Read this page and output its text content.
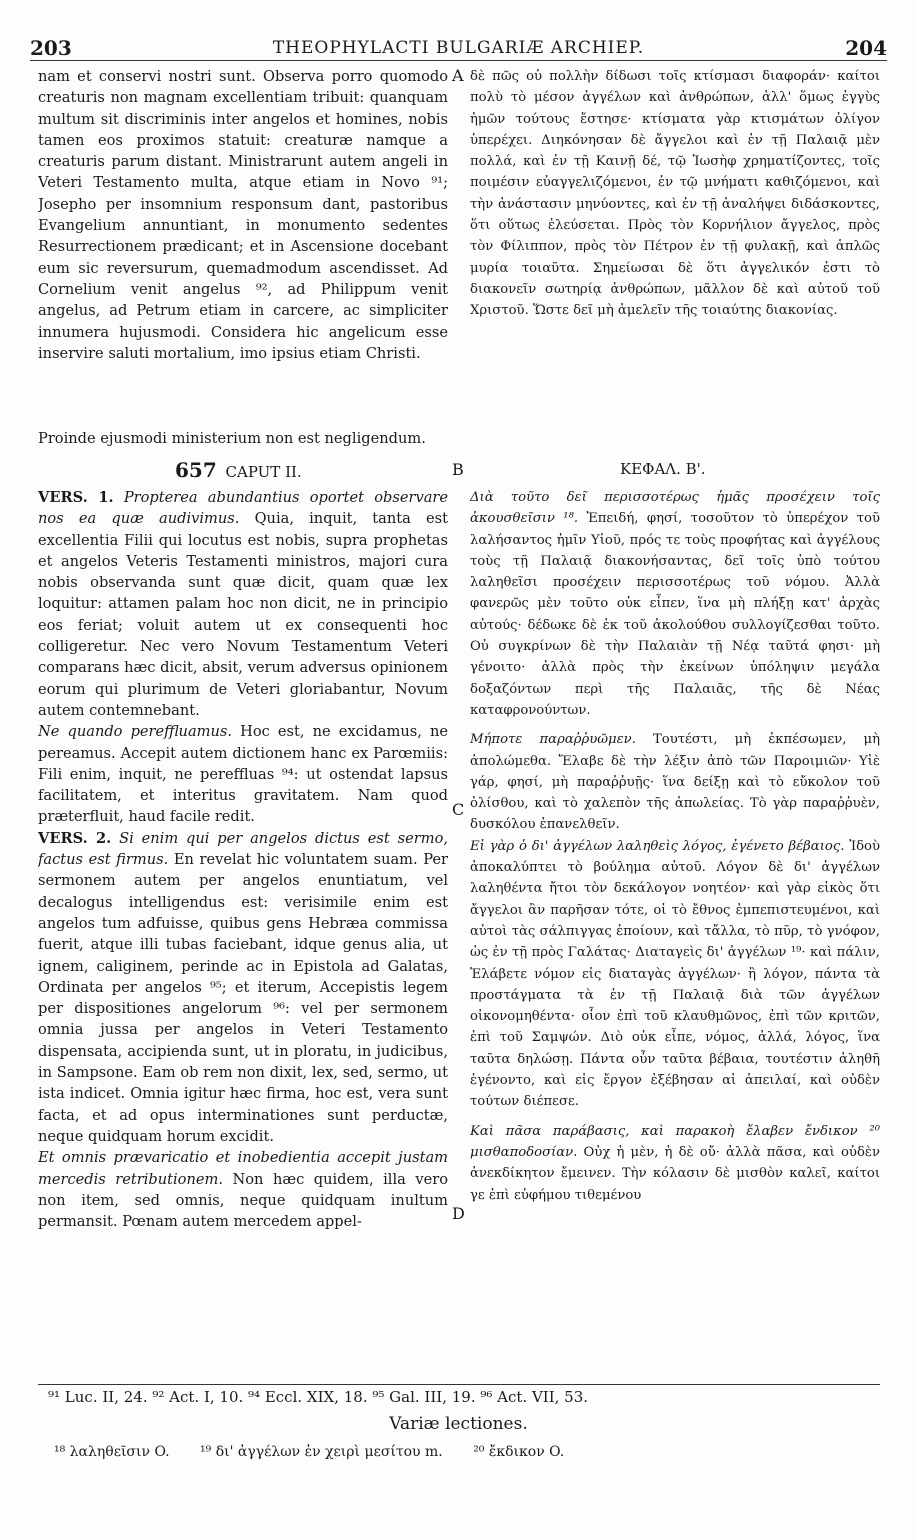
203	THEOPHYLACTI BULGARIÆ ARCHIEP.	204

nam et conservi nostri sunt. Observa porro quomodo creaturis non magnam excellentiam tribuit: quanquam multum sit discriminis inter angelos et homines, nobis tamen eos proximos statuit: creaturæ namque a creaturis parum distant. Ministrarunt autem angeli in Veteri Testamento multa, atque etiam in Novo ⁹¹; Josepho per insomnium responsum dant, pastoribus Evangelium annuntiant, in monumento sedentes Resurrectionem prædicant; et in Ascensione docebant eum sic reversurum, quemadmodum ascendisset. Ad Cornelium venit angelus ⁹², ad Philippum venit angelus, ad Petrum etiam in carcere, ac simpliciter innumera hujusmodi. Considera hic angelicum esse inservire saluti mortalium, imo ipsius etiam Christi.

A δὲ πῶς οὐ πολλὴν δίδωσι τοῖς κτίσμασι διαφοράν· καίτοι πολὺ τὸ μέσον ἀγγέλων καὶ ἀνθρώπων, ἀλλ' ὅμως ἐγγὺς ἡμῶν τούτους ἔστησε· κτίσματα γὰρ κτισμάτων ὀλίγον ὑπερέχει. Διηκόνησαν δὲ ἄγγελοι καὶ ἐν τῇ Παλαιᾷ μὲν πολλά, καὶ ἐν τῇ Καινῇ δέ, τῷ Ἰωσὴφ χρηματίζοντες, τοῖς ποιμέσιν εὐαγγελιζόμενοι, ἐν τῷ μνήματι καθιζόμενοι, καὶ τὴν ἀνάστασιν μηνύοντες, καὶ ἐν τῇ ἀναλήψει διδάσκοντες, ὅτι οὕτως ἐλεύσεται. Πρὸς τὸν Κορνήλιον ἄγγελος, πρὸς τὸν Φίλιππον, πρὸς τὸν Πέτρον ἐν τῇ φυλακῇ, καὶ ἁπλῶς μυρία τοιαῦτα. Σημείωσαι δὲ ὅτι ἀγγελικόν ἐστι τὸ διακονεῖν σωτηρίᾳ ἀνθρώπων, μᾶλλον δὲ καὶ αὐτοῦ τοῦ Χριστοῦ. Ὥστε δεῖ μὴ ἀμελεῖν τῆς τοιαύτης διακονίας.

Proinde ejusmodi ministerium non est negligendum.
657 CAPUT II.	B	ΚΕΦΑΛ. Β'.

VERS. 1. Propterea abundantius oportet observare nos ea quæ audivimus. Quia, inquit, tanta est excellentia Filii qui locutus est nobis, supra prophetas et angelos Veteris Testamenti ministros, majori cura nobis observanda sunt quæ dicit, quam quæ lex loquitur: attamen palam hoc non dicit, ne in principio eos feriat; voluit autem ut ex consequenti hoc colligeretur. Nec vero Novum Testamentum Veteri comparans hæc dicit, absit, verum adversus opinionem eorum qui plurimum de Veteri gloriabantur, Novum autem contemnebant.

Ne quando pereffluamus. Hoc est, ne excidamus, ne pereamus. Accepit autem dictionem hanc ex Parœmiis: Fili enim, inquit, ne pereffluas ⁹⁴: ut ostendat lapsus facilitatem, et interitus gravitatem. Nam quod præterfluit, haud facile redit.

VERS. 2. Si enim qui per angelos dictus est sermo, factus est firmus. En revelat hic voluntatem suam. Per sermonem autem per angelos enuntiatum, vel decalogus intelligendus est: verisimile enim est angelos tum adfuisse, quibus gens Hebræa commissa fuerit, atque illi tubas faciebant, idque genus alia, ut ignem, caliginem, perinde ac in Epistola ad Galatas, Ordinata per angelos ⁹⁵; et iterum, Accepistis legem per dispositiones angelorum ⁹⁶: vel per sermonem omnia jussa per angelos in Veteri Testamento dispensata, accipienda sunt, ut in ploratu, in judicibus, in Sampsone. Eam ob rem non dixit, lex, sed, sermo, ut ista indicet. Omnia igitur hæc firma, hoc est, vera sunt facta, et ad opus interminationes sunt perductæ, neque quidquam horum excidit.

Et omnis prævaricatio et inobedientia accepit justam mercedis retributionem. Non hæc quidem, illa vero non item, sed omnis, neque quidquam inultum permansit. Pœnam autem mercedem appel-

C
D

Διὰ τοῦτο δεῖ περισσοτέρως ἡμᾶς προσέχειν τοῖς ἀκουσθεῖσιν ¹⁸. Ἐπειδή, φησί, τοσοῦτον τὸ ὑπερέχον τοῦ λαλήσαντος ἡμῖν Υἱοῦ, πρός τε τοὺς προφήτας καὶ ἀγγέλους τοὺς τῇ Παλαιᾷ διακονήσαντας, δεῖ τοῖς ὑπὸ τούτου λαληθεῖσι προσέχειν περισσοτέρως τοῦ νόμου. Ἀλλὰ φανερῶς μὲν τοῦτο οὐκ εἶπεν, ἵνα μὴ πλήξῃ κατ' ἀρχὰς αὐτούς· δέδωκε δὲ ἐκ τοῦ ἀκολούθου συλλογίζεσθαι τοῦτο. Οὐ συγκρίνων δὲ τὴν Παλαιὰν τῇ Νέᾳ ταῦτά φησι· μὴ γένοιτο· ἀλλὰ πρὸς τὴν ἐκείνων ὑπόληψιν μεγάλα δοξαζόντων περὶ τῆς Παλαιᾶς, τῆς δὲ Νέας καταφρονούντων.

Μήποτε παραῤῥυῶμεν. Τουτέστι, μὴ ἐκπέσωμεν, μὴ ἀπολώμεθα. Ἔλαβε δὲ τὴν λέξιν ἀπὸ τῶν Παροιμιῶν· Υἱὲ γάρ, φησί, μὴ παραῤῥυῇς· ἵνα δείξῃ καὶ τὸ εὔκολον τοῦ ὀλίσθου, καὶ τὸ χαλεπὸν τῆς ἀπωλείας. Τὸ γὰρ παραῤῥυὲν, δυσκόλου ἐπανελθεῖν.

Εἰ γὰρ ὁ δι' ἀγγέλων λαληθεὶς λόγος, ἐγένετο βέβαιος. Ἰδοὺ ἀποκαλύπτει τὸ βούλημα αὐτοῦ. Λόγον δὲ δι' ἀγγέλων λαληθέντα ἤτοι τὸν δεκάλογον νοητέον· καὶ γὰρ εἰκὸς ὅτι ἄγγελοι ἂν παρῆσαν τότε, οἱ τὸ ἔθνος ἐμπεπιστευμένοι, καὶ αὐτοὶ τὰς σάλπιγγας ἐποίουν, καὶ τἄλλα, τὸ πῦρ, τὸ γνόφον, ὡς ἐν τῇ πρὸς Γαλάτας· Διαταγεὶς δι' ἀγγέλων ¹⁹· καὶ πάλιν, Ἐλάβετε νόμον εἰς διαταγὰς ἀγγέλων· ἢ λόγον, πάντα τὰ προστάγματα τὰ ἐν τῇ Παλαιᾷ διὰ τῶν ἀγγέλων οἰκονομηθέντα· οἷον ἐπὶ τοῦ κλαυθμῶνος, ἐπὶ τῶν κριτῶν, ἐπὶ τοῦ Σαμψών. Διὸ οὐκ εἶπε, νόμος, ἀλλά, λόγος, ἵνα ταῦτα δηλώσῃ. Πάντα οὖν ταῦτα βέβαια, τουτέστιν ἀληθῆ ἐγένοντο, καὶ εἰς ἔργον ἐξέβησαν αἱ ἀπειλαί, καὶ οὐδὲν τούτων διέπεσε.

Καὶ πᾶσα παράβασις, καὶ παρακοὴ ἔλαβεν ἔνδικον ²⁰ μισθαποδοσίαν. Οὐχ ἡ μὲν, ἡ δὲ οὔ· ἀλλὰ πᾶσα, καὶ οὐδὲν ἀνεκδίκητον ἔμεινεν. Τὴν κόλασιν δὲ μισθὸν καλεῖ, καίτοι γε ἐπὶ εὐφήμου τιθεμένου

⁹¹ Luc. II, 24. ⁹² Act. I, 10. ⁹⁴ Eccl. XIX, 18. ⁹⁵ Gal. III, 19. ⁹⁶ Act. VII, 53.
Variæ lectiones.
¹⁸ λαληθεῖσιν O. ¹⁹ δι' ἀγγέλων ἐν χειρὶ μεσίτου m. ²⁰ ἔκδικον O.
